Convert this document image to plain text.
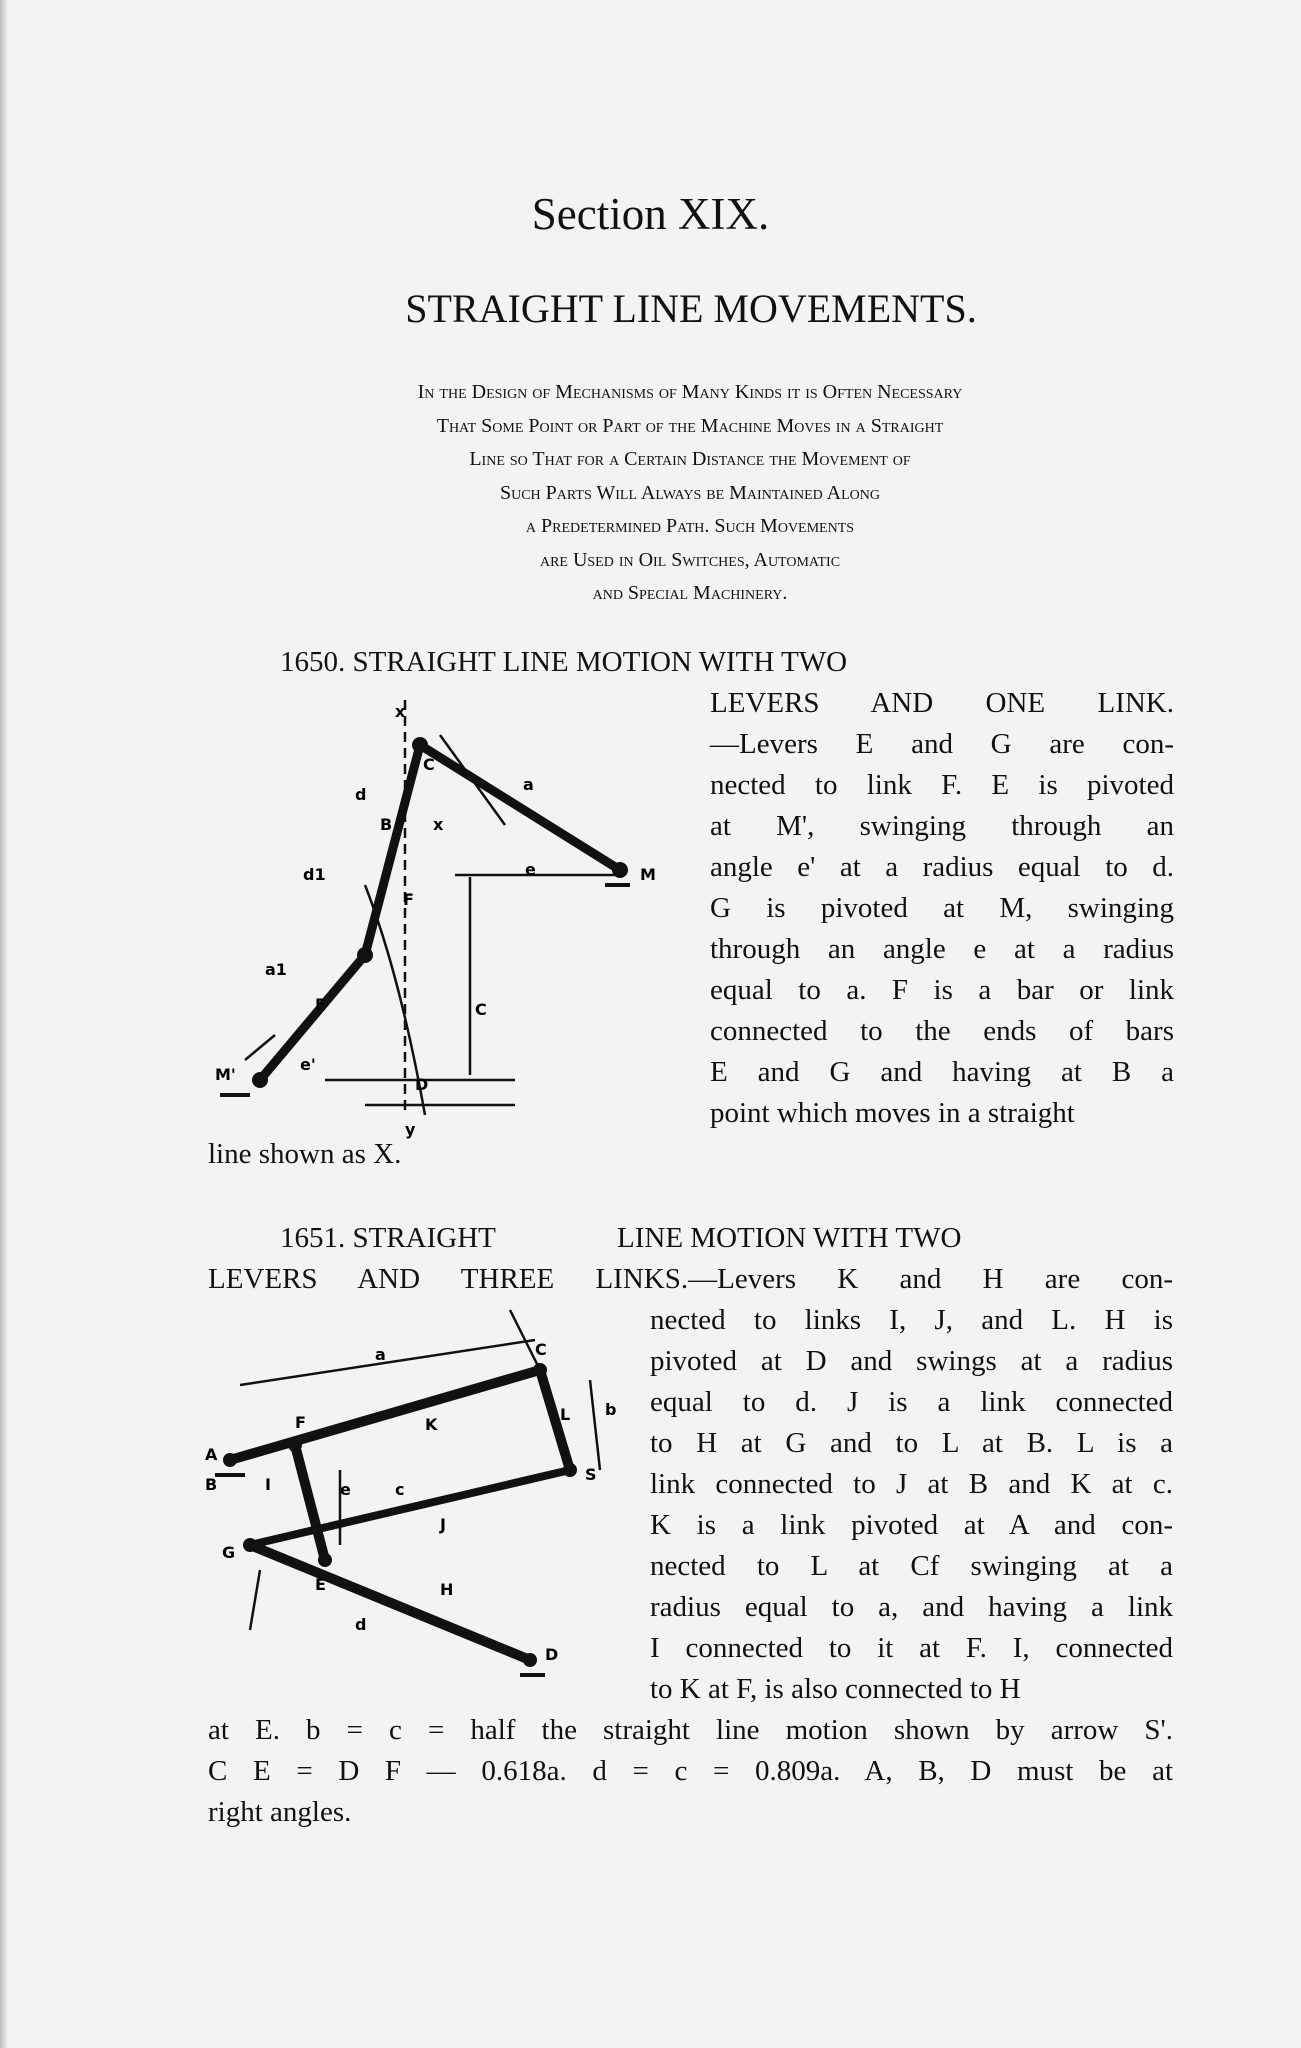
Section XIX.
STRAIGHT LINE MOVEMENTS.
In the Design of Mechanisms of Many Kinds it is Often Necessary
That Some Point or Part of the Machine Moves in a Straight
Line so That for a Certain Distance the Movement of
Such Parts Will Always be Maintained Along
a Predetermined Path. Such Movements
are Used in Oil Switches, Automatic
and Special Machinery.
1650. STRAIGHT LINE MOTION WITH TWO
LEVERS AND ONE LINK.
—Levers E and G are con-
nected to link F. E is pivoted
at M', swinging through an
angle e' at a radius equal to d.
G is pivoted at M, swinging
through an angle e at a radius
equal to a. F is a bar or link
connected to the ends of bars
E and G and having at B a
point which moves in a straight
line shown as X.
x
C
d
B	x
a
d1
F
e	M
C
a1
E
e'
M'
D
y
1651. STRAIGHT	LINE MOTION WITH TWO
LEVERS AND THREE LINKS.—Levers K and H are con-
nected to links I, J, and L. H is
pivoted at D and swings at a radius
equal to d. J is a link connected
to H at G and to L at B. L is a
link connected to J at B and K at c.
K is a link pivoted at A and con-
nected to L at Cf swinging at a
radius equal to a, and having a link
I connected to it at F. I, connected
to K at F, is also connected to H
at E. b = c = half the straight line motion shown by arrow S'.
C E = D F — 0.618a. d = c = 0.809a. A, B, D must be at
right angles.
a	C
F	K
L b
A
B	I	e	c
S
J
G
E	H
d
D
